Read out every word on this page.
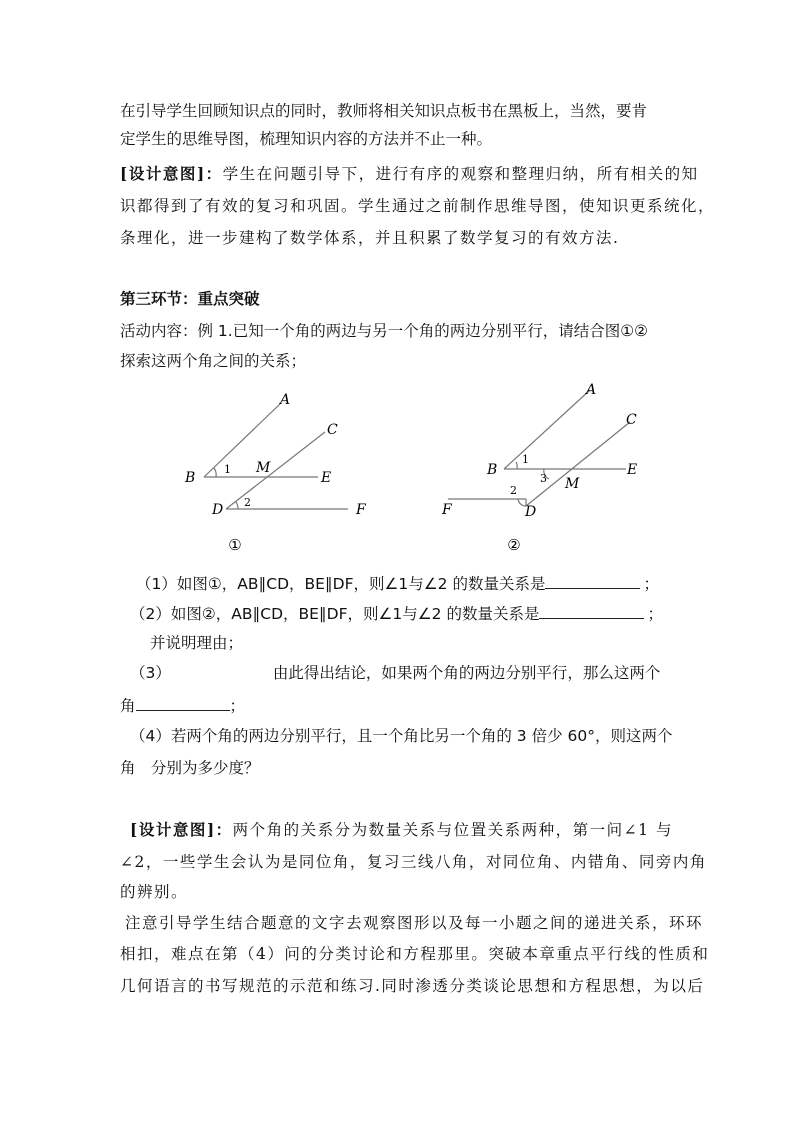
在引导学生回顾知识点的同时，教师将相关知识点板书在黑板上，当然，要肯
定学生的思维导图，梳理知识内容的方法并不止一种。
[设计意图]：学生在问题引导下，进行有序的观察和整理归纳，所有相关的知
识都得到了有效的复习和巩固。学生通过之前制作思维导图，使知识更系统化，
条理化，进一步建构了数学体系，并且积累了数学复习的有效方法.
第三环节：重点突破
活动内容：例 1.已知一个角的两边与另一个角的两边分别平行，请结合图①②
探索这两个角之间的关系；
A
C
B
M
E
D	F
1
2
①
A
C
B	E
M
F	D
1
2
3
②
（1）如图①，AB∥CD，BE∥DF，则∠1与∠2 的数量关系是	；
（2）如图②，AB∥CD，BE∥DF，则∠1与∠2 的数量关系是	；
并说明理由；
（3）	由此得出结论，如果两个角的两边分别平行，那么这两个
角	；
（4）若两个角的两边分别平行，且一个角比另一个角的 3 倍少 60°，则这两个
角　分别为多少度？
[设计意图]：两个角的关系分为数量关系与位置关系两种，第一问∠1 与
∠2，一些学生会认为是同位角，复习三线八角，对同位角、内错角、同旁内角
的辨别。
注意引导学生结合题意的文字去观察图形以及每一小题之间的递进关系，环环
相扣，难点在第（4）问的分类讨论和方程那里。突破本章重点平行线的性质和
几何语言的书写规范的示范和练习.同时渗透分类谈论思想和方程思想，为以后
